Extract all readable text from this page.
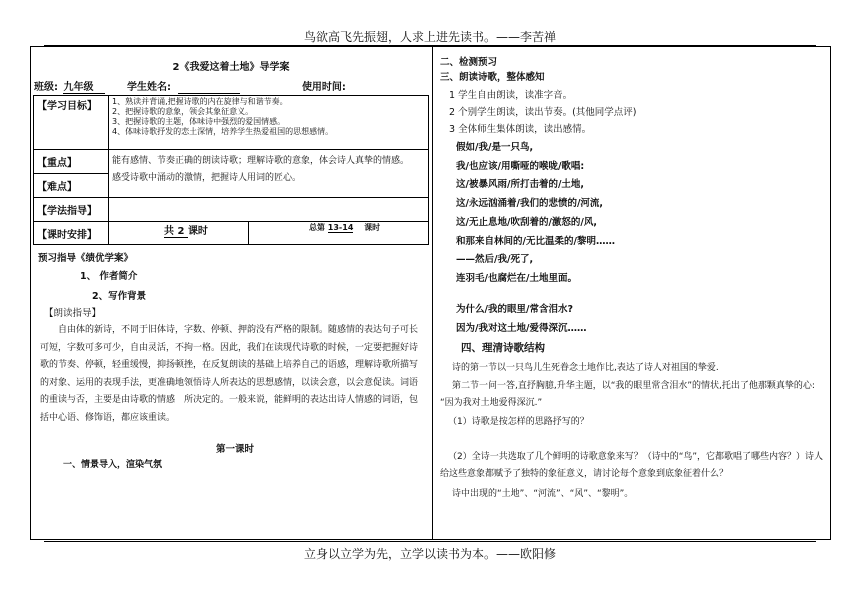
鸟欲高飞先振翅，人求上进先读书。——李苦禅
2《我爱这着土地》导学案
班级: 九年级	学生姓名:	使用时间:
【学习目标】	1、熟读并背诵,把握诗歌的内在旋律与和谐节奏。
2、把握诗歌的意象，领会其象征意义。
3、把握诗歌的主题，体味诗中强烈的爱国情感。
4、体味诗歌抒发的恋土深情，培养学生热爱祖国的思想感情。

【重点】	能有感情、节奏正确的朗读诗歌；理解诗歌的意象，体会诗人真挚的情感。
感受诗歌中涌动的激情，把握诗人用词的匠心。

【难点】	
【学法指导】	
【课时安排】	共 2 课时 总第 13-14 课时
预习指导《绩优学案》
1、 作者简介
2、写作背景
【朗读指导】
自由体的新诗，不同于旧体诗，字数、停顿、押韵没有严格的限制。随感情的表达句子可长可短，字数可多可少，自由灵活，不拘一格。因此，我们在读现代诗歌的时候，一定要把握好诗歌的节奏、停顿，轻重缓慢，抑扬顿挫，在反复朗读的基础上培养自己的语感，理解诗歌所描写的对象、运用的表现手法，更准确地领悟诗人所表达的思想感情，以读会意，以会意促读。词语的重读与否，主要是由诗歌的情感　所决定的。一般来说，能鲜明的表达出诗人情感的词语，包括中心语、修饰语，都应该重读。
第一课时
一、情景导入，渲染气氛
二、检测预习
三、朗读诗歌，整体感知
1 学生自由朗读，读准字音。
2 个别学生朗读，读出节奏。(其他同学点评)
3 全体师生集体朗读，读出感情。
假如/我/是一只鸟,
我/也应该/用嘶哑的喉咙/歌唱:
这/被暴风雨/所打击着的/土地,
这/永远汹涌着/我们的悲愤的/河流,
这/无止息地/吹刮着的/激怒的/风,
和那来自林间的/无比温柔的/黎明……
——然后/我/死了,
连羽毛/也腐烂在/土地里面。
为什么/我的眼里/常含泪水?
因为/我对这土地/爱得深沉……
四、理清诗歌结构
诗的第一节以一只鸟儿生死眷念土地作比,表达了诗人对祖国的挚爱.
第二节一问一答,直抒胸臆,升华主题，以“我的眼里常含泪水”的情状,托出了他那颗真挚的心: “因为我对土地爱得深沉.”
（1）诗歌是按怎样的思路抒写的？
（2）全诗一共选取了几个鲜明的诗歌意象来写？（诗中的“鸟”，它都歌唱了哪些内容？）诗人给这些意象都赋予了独特的象征意义，请讨论每个意象到底象征着什么？
诗中出现的“土地”、“河流”、“风”、“黎明”。
立身以立学为先，立学以读书为本。——欧阳修
